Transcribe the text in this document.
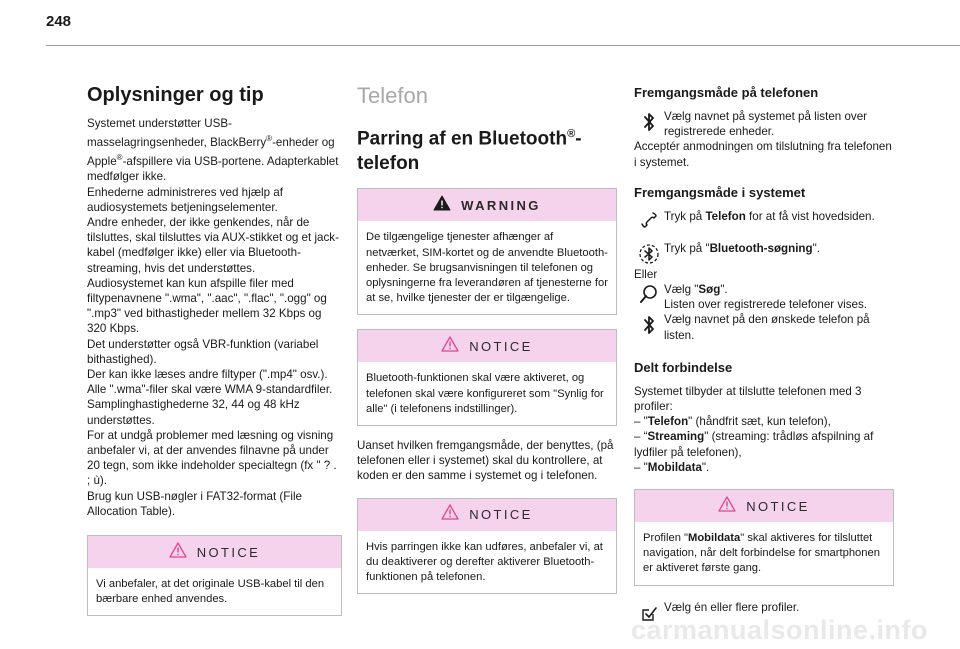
248
Oplysninger og tip
Systemet understøtter USB-masselagringsenheder, BlackBerry®-enheder og Apple®-afspillere via USB-portene. Adapterkablet medfølger ikke.
Enhederne administreres ved hjælp af audiosystemets betjeningselementer.
Andre enheder, der ikke genkendes, når de tilsluttes, skal tilsluttes via AUX-stikket og et jack-kabel (medfølger ikke) eller via Bluetooth-streaming, hvis det understøttes.
Audiosystemet kan kun afspille filer med filtypenavnene ".wma", ".aac", ".flac", ".ogg" og ".mp3" ved bithastigheder mellem 32 Kbps og 320 Kbps.
Det understøtter også VBR-funktion (variabel bithastighed).
Der kan ikke læses andre filtyper (".mp4" osv.).
Alle ".wma"-filer skal være WMA 9-standardfiler.
Samplinghastighederne 32, 44 og 48 kHz understøttes.
For at undgå problemer med læsning og visning anbefaler vi, at der anvendes filnavne på under 20 tegn, som ikke indeholder specialtegn (fx " ? . ; ù).
Brug kun USB-nøgler i FAT32-format (File Allocation Table).
NOTICE
Vi anbefaler, at det originale USB-kabel til den bærbare enhed anvendes.
Telefon
Parring af en Bluetooth®-telefon
WARNING
De tilgængelige tjenester afhænger af netværket, SIM-kortet og de anvendte Bluetooth-enheder. Se brugsanvisningen til telefonen og oplysningerne fra leverandøren af tjenesterne for at se, hvilke tjenester der er tilgængelige.
NOTICE
Bluetooth-funktionen skal være aktiveret, og telefonen skal være konfigureret som "Synlig for alle" (i telefonens indstillinger).
Uanset hvilken fremgangsmåde, der benyttes, (på telefonen eller i systemet) skal du kontrollere, at koden er den samme i systemet og i telefonen.
NOTICE
Hvis parringen ikke kan udføres, anbefaler vi, at du deaktiverer og derefter aktiverer Bluetooth-funktionen på telefonen.
Fremgangsmåde på telefonen
Vælg navnet på systemet på listen over registrerede enheder.
Acceptér anmodningen om tilslutning fra telefonen i systemet.
Fremgangsmåde i systemet
Tryk på Telefon for at få vist hovedsiden.
Tryk på "Bluetooth-søgning".
Eller
Vælg "Søg".
Listen over registrerede telefoner vises.
Vælg navnet på den ønskede telefon på listen.
Delt forbindelse
Systemet tilbyder at tilslutte telefonen med 3 profiler:
– "Telefon" (håndfrit sæt, kun telefon),
– “Streaming" (streaming: trådløs afspilning af lydfiler på telefonen),
– "Mobildata".
NOTICE
Profilen "Mobildata" skal aktiveres for tilsluttet navigation, når delt forbindelse for smartphonen er aktiveret første gang.
Vælg én eller flere profiler.
carmanualsonline.info
